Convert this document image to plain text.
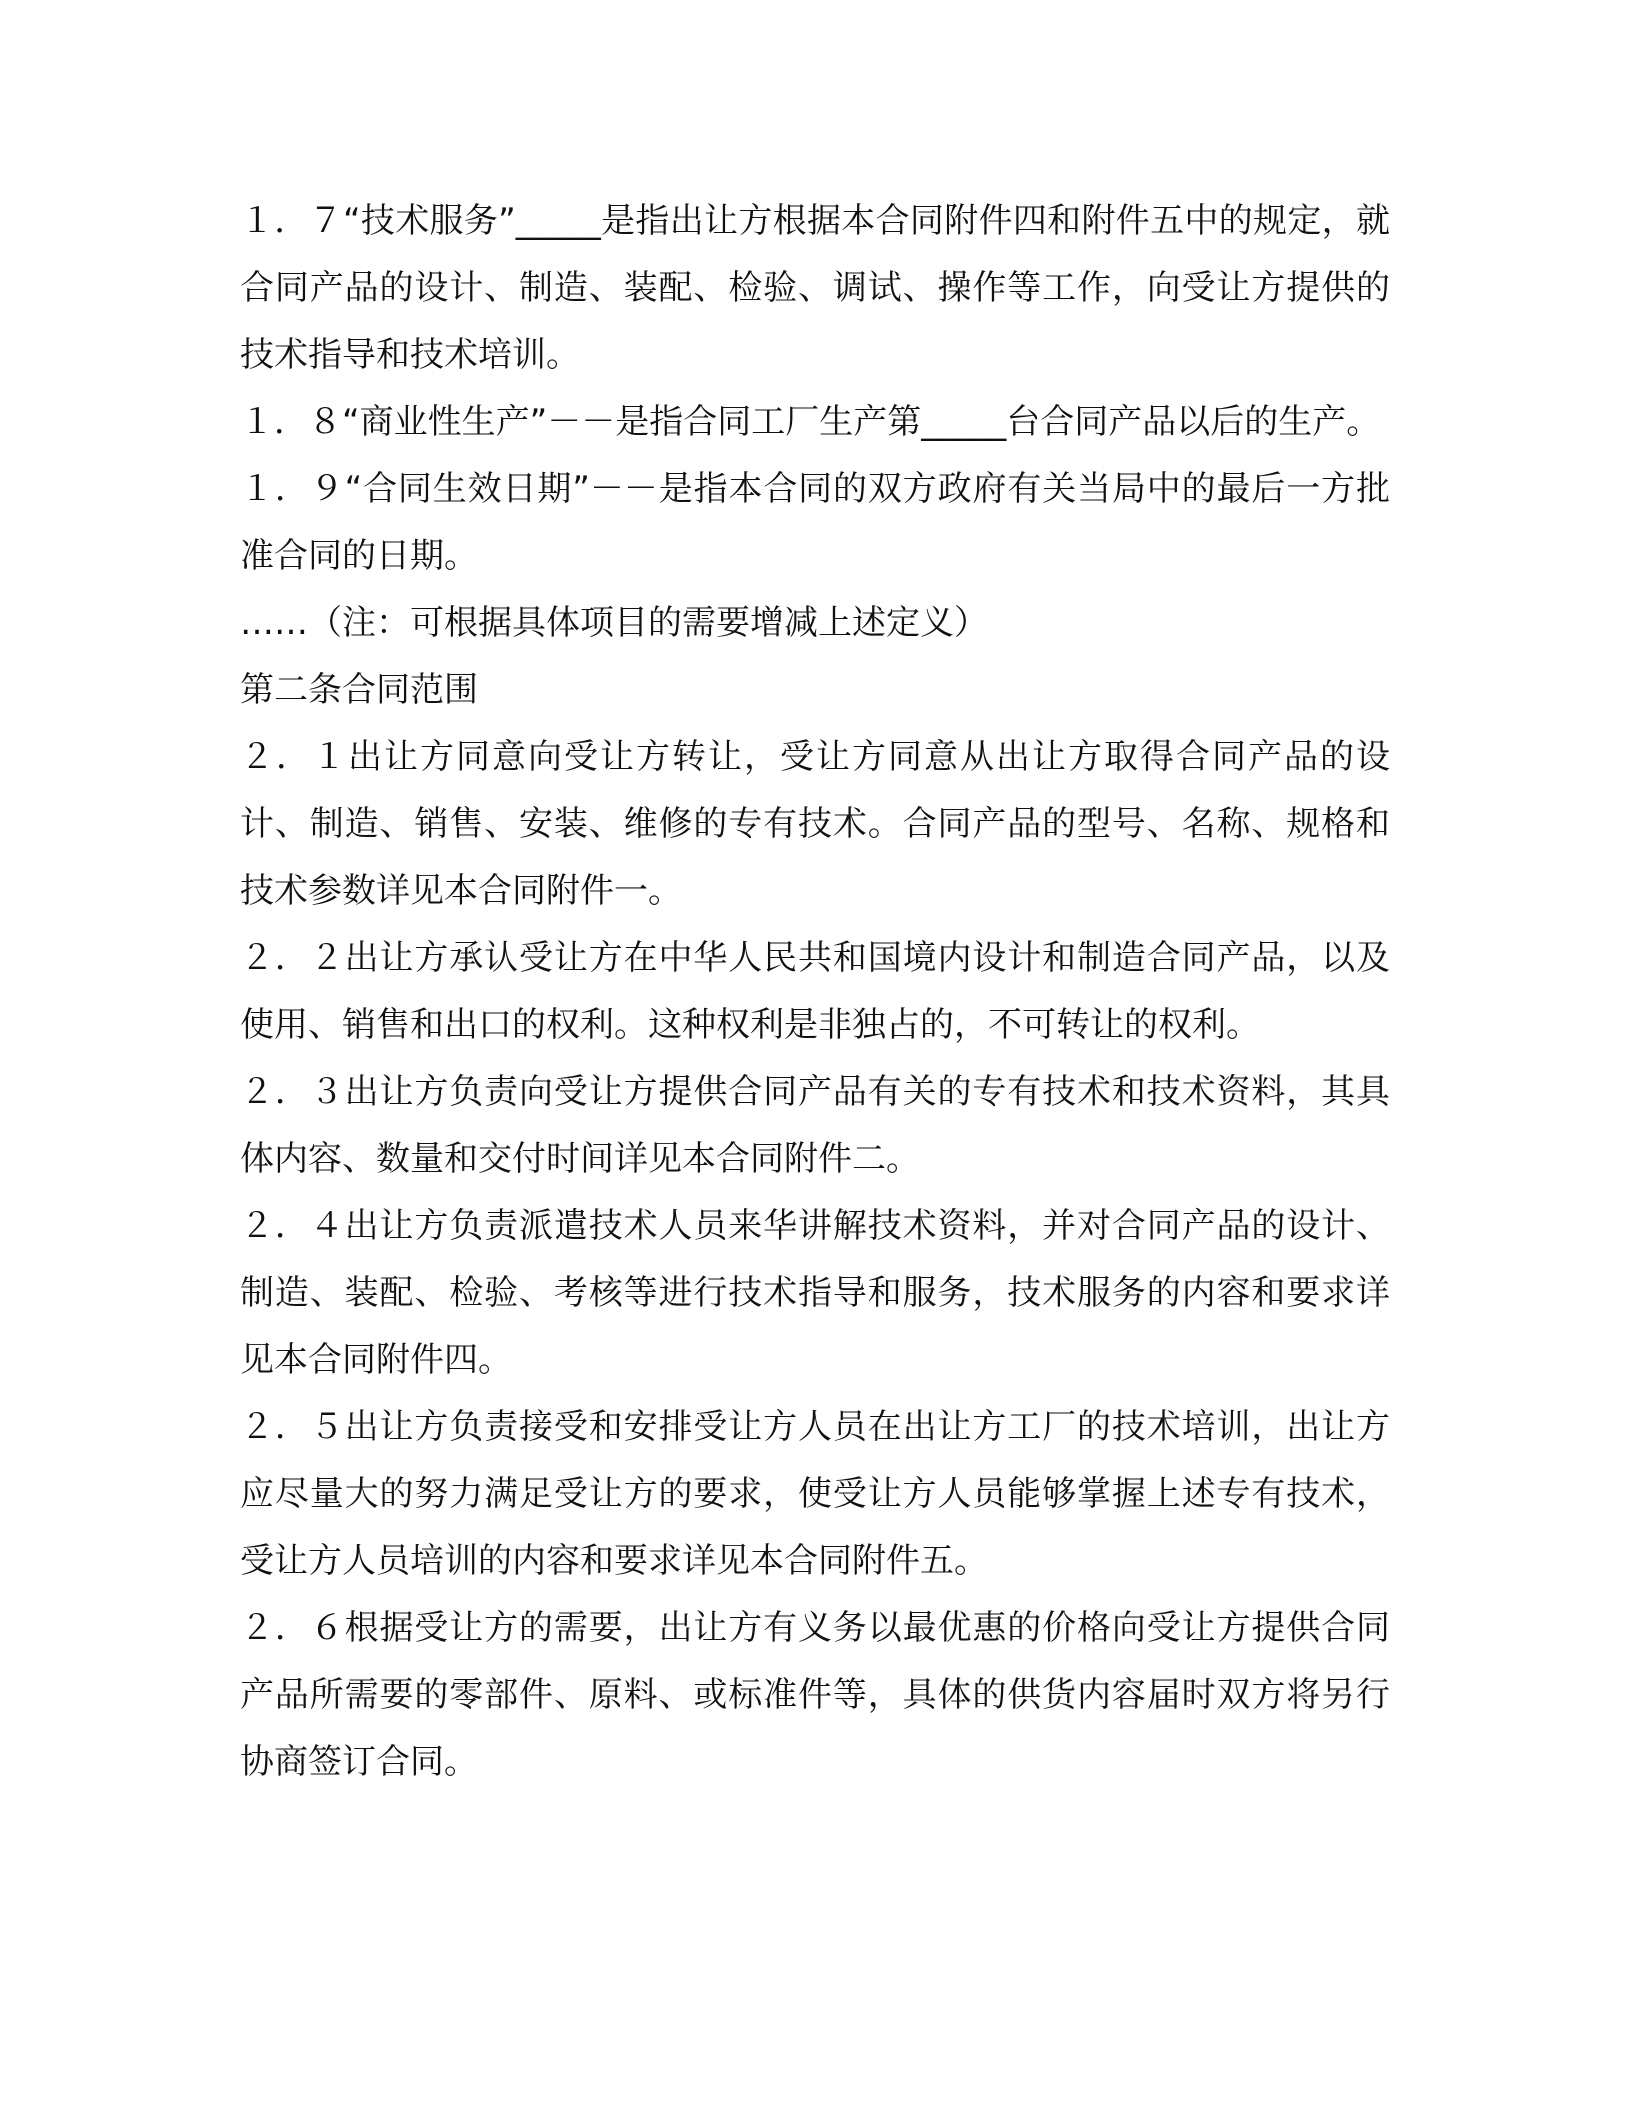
１．７“技术服务”_____是指出让方根据本合同附件四和附件五中的规定，就合同产品的设计、制造、装配、检验、调试、操作等工作，向受让方提供的技术指导和技术培训。

１．８“商业性生产”－－是指合同工厂生产第_____台合同产品以后的生产。

１．９“合同生效日期”－－是指本合同的双方政府有关当局中的最后一方批准合同的日期。

……（注：可根据具体项目的需要增减上述定义）

第二条合同范围

２．１出让方同意向受让方转让，受让方同意从出让方取得合同产品的设计、制造、销售、安装、维修的专有技术。合同产品的型号、名称、规格和技术参数详见本合同附件一。

２．２出让方承认受让方在中华人民共和国境内设计和制造合同产品，以及使用、销售和出口的权利。这种权利是非独占的，不可转让的权利。

２．３出让方负责向受让方提供合同产品有关的专有技术和技术资料，其具体内容、数量和交付时间详见本合同附件二。

２．４出让方负责派遣技术人员来华讲解技术资料，并对合同产品的设计、制造、装配、检验、考核等进行技术指导和服务，技术服务的内容和要求详见本合同附件四。

２．５出让方负责接受和安排受让方人员在出让方工厂的技术培训，出让方应尽量大的努力满足受让方的要求，使受让方人员能够掌握上述专有技术，受让方人员培训的内容和要求详见本合同附件五。

２．６根据受让方的需要，出让方有义务以最优惠的价格向受让方提供合同产品所需要的零部件、原料、或标准件等，具体的供货内容届时双方将另行协商签订合同。
